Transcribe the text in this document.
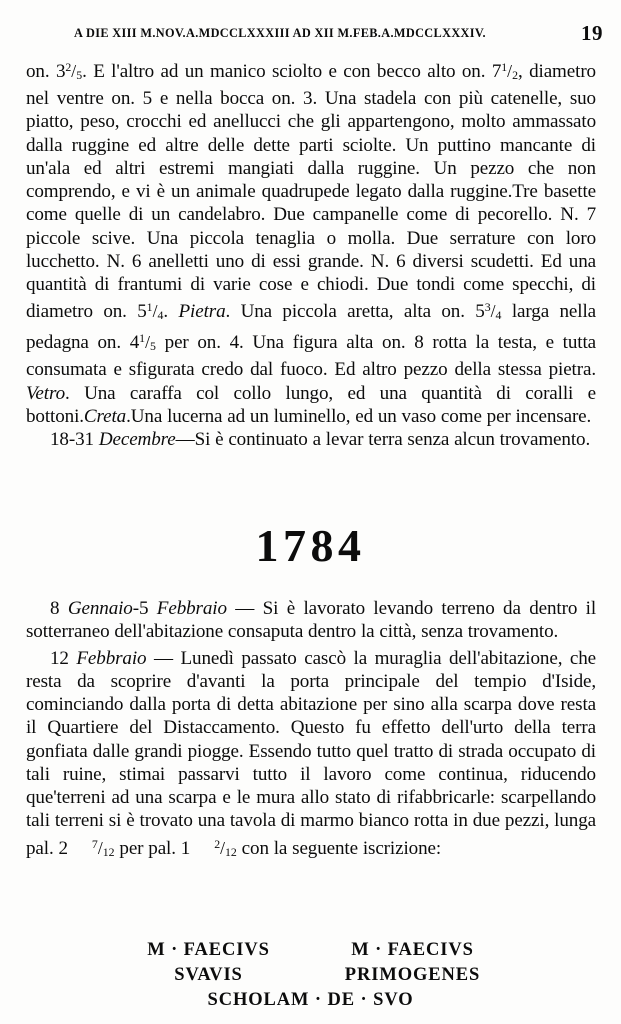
A DIE XIII M.NOV.A.MDCCLXXXIII AD XII M.FEB.A.MDCCLXXXIV.	19

on. $3^2/5$. E l'altro ad un manico sciolto e con becco alto on. $7^1/2$, diametro nel ventre on. 5 e nella bocca on. 3. Una stadela con più catenelle, suo piatto, peso, crocchi ed anellucci che gli appartengono, molto ammassato dalla ruggine ed altre delle dette parti sciolte. Un puttino mancante di un'ala ed altri estremi mangiati dalla ruggine. Un pezzo che non comprendo, e vi è un animale quadrupede legato dalla ruggine.Tre basette come quelle di un candelabro. Due campanelle come di pecorello. N. 7 piccole scive. Una piccola tenaglia o molla. Due serrature con loro lucchetto. N. 6 anelletti uno di essi grande. N. 6 diversi scudetti. Ed una quantità di frantumi di varie cose e chiodi. Due tondi come specchi, di diametro on. $5^1/4$. Pietra. Una piccola aretta, alta on. $5^3/4$ larga nella pedagna on. $4^1/5$ per on. 4. Una figura alta on. 8 rotta la testa, e tutta consumata e sfigurata credo dal fuoco. Ed altro pezzo della stessa pietra. Vetro. Una caraffa col collo lungo, ed una quantità di coralli e bottoni.Creta.Una lucerna ad un luminello, ed un vaso come per incensare.

18-31 Decembre—Si è continuato a levar terra senza alcun trovamento.

1784

8 Gennaio-5 Febbraio — Si è lavorato levando terreno da dentro il sotterraneo dell'abitazione consaputa dentro la città, senza trovamento.

12 Febbraio — Lunedì passato cascò la muraglia dell'abitazione, che resta da scoprire d'avanti la porta principale del tempio d'Iside, cominciando dalla porta di detta abitazione per sino alla scarpa dove resta il Quartiere del Distaccamento. Questo fu effetto dell'urto della terra gonfiata dalle grandi piogge. Essendo tutto quel tratto di strada occupato di tali ruine, stimai passarvi tutto il lavoro come continua, riducendo que'terreni ad una scarpa e le mura allo stato di rifabbricarle: scarpellando tali terreni si è trovato una tavola di marmo bianco rotta in due pezzi, lunga pal. 2 $^7$/12 per pal. 1 $^2$/12 con la seguente iscrizione:

M · FAECIVS
SVAVIS
M · FAECIVS
PRIMOGENES
SCHOLAM · DE · SVO
